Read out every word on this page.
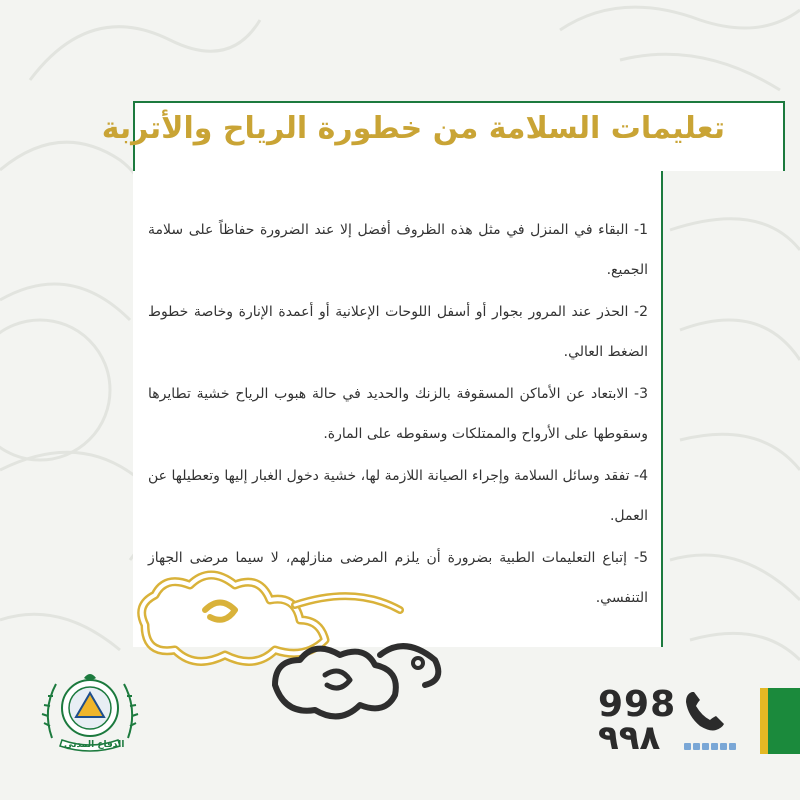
تعليمات السلامة من خطورة الرياح والأتربة
1- البقاء في المنزل في مثل هذه الظروف أفضل إلا عند الضرورة حفاظاً على سلامة الجميع.
2- الحذر عند المرور بجوار أو أسفل اللوحات الإعلانية أو أعمدة الإنارة وخاصة خطوط الضغط العالي.
3- الابتعاد عن الأماكن المسقوفة بالزنك والحديد في حالة هبوب الرياح خشية تطايرها وسقوطها على الأرواح والممتلكات وسقوطه على المارة.
4- تفقد وسائل السلامة وإجراء الصيانة اللازمة لها، خشية دخول الغبار إليها وتعطيلها عن العمل.
5- إتباع التعليمات الطبية بضرورة أن يلزم المرضى منازلهم، لا سيما مرضى الجهاز التنفسي.
الدفاع المدني
998
٩٩٨
